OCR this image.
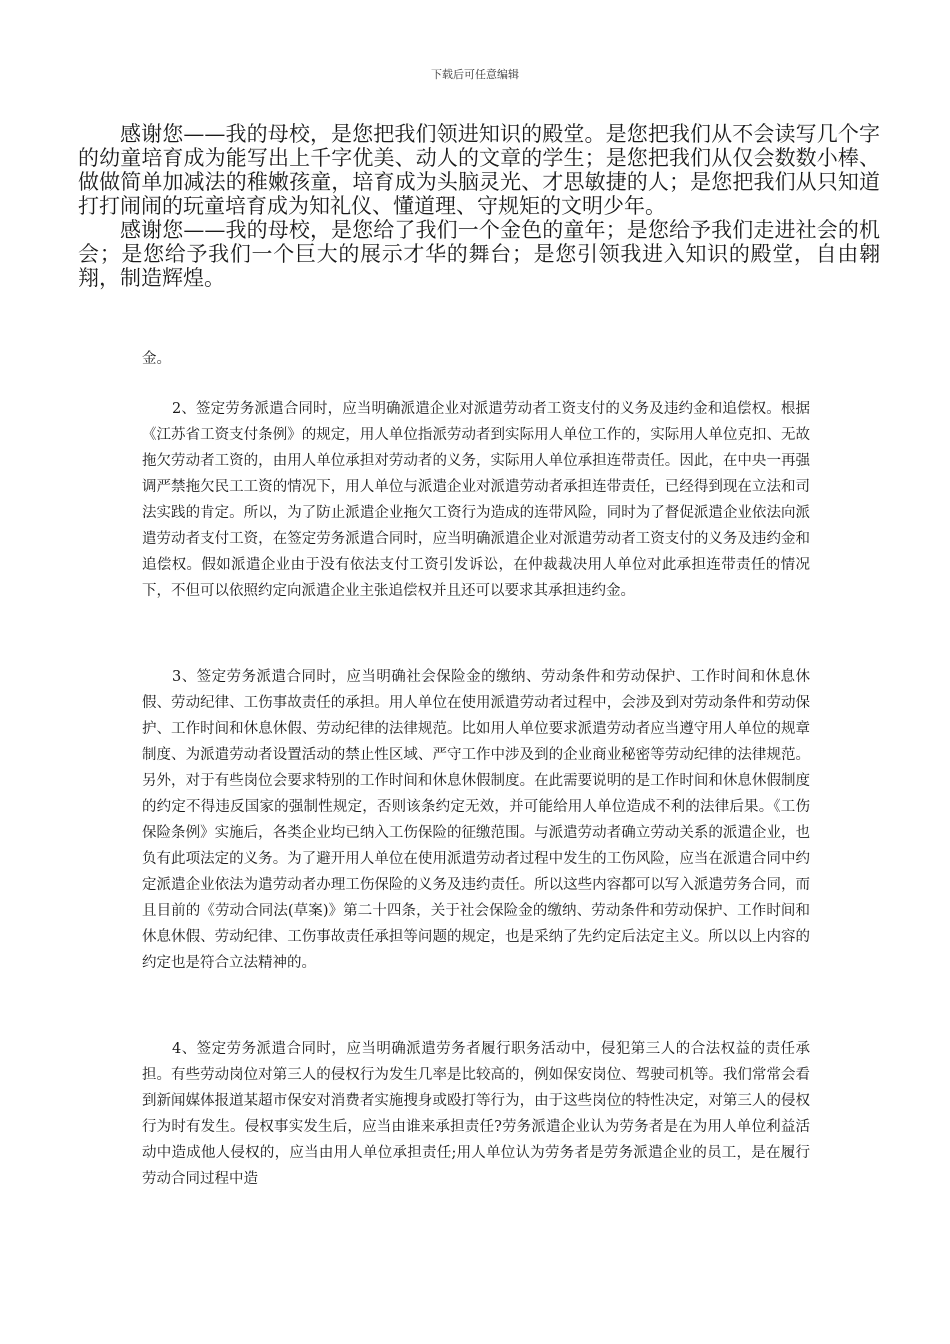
下载后可任意编辑

感谢您——我的母校，是您把我们领进知识的殿堂。是您把我们从不会读写几个字的幼童培育成为能写出上千字优美、动人的文章的学生；是您把我们从仅会数数小棒、做做简单加减法的稚嫩孩童，培育成为头脑灵光、才思敏捷的人；是您把我们从只知道打打闹闹的玩童培育成为知礼仪、懂道理、守规矩的文明少年。

感谢您——我的母校，是您给了我们一个金色的童年；是您给予我们走进社会的机会；是您给予我们一个巨大的展示才华的舞台；是您引领我进入知识的殿堂，自由翱翔，制造辉煌。

金。

2、签定劳务派遣合同时，应当明确派遣企业对派遣劳动者工资支付的义务及违约金和追偿权。根据《江苏省工资支付条例》的规定，用人单位指派劳动者到实际用人单位工作的，实际用人单位克扣、无故拖欠劳动者工资的，由用人单位承担对劳动者的义务，实际用人单位承担连带责任。因此，在中央一再强调严禁拖欠民工工资的情况下，用人单位与派遣企业对派遣劳动者承担连带责任，已经得到现在立法和司法实践的肯定。所以，为了防止派遣企业拖欠工资行为造成的连带风险，同时为了督促派遣企业依法向派遣劳动者支付工资，在签定劳务派遣合同时，应当明确派遣企业对派遣劳动者工资支付的义务及违约金和追偿权。假如派遣企业由于没有依法支付工资引发诉讼，在仲裁裁决用人单位对此承担连带责任的情况下，不但可以依照约定向派遣企业主张追偿权并且还可以要求其承担违约金。

3、签定劳务派遣合同时，应当明确社会保险金的缴纳、劳动条件和劳动保护、工作时间和休息休假、劳动纪律、工伤事故责任的承担。用人单位在使用派遣劳动者过程中，会涉及到对劳动条件和劳动保护、工作时间和休息休假、劳动纪律的法律规范。比如用人单位要求派遣劳动者应当遵守用人单位的规章制度、为派遣劳动者设置活动的禁止性区域、严守工作中涉及到的企业商业秘密等劳动纪律的法律规范。另外，对于有些岗位会要求特别的工作时间和休息休假制度。在此需要说明的是工作时间和休息休假制度的约定不得违反国家的强制性规定，否则该条约定无效，并可能给用人单位造成不利的法律后果。《工伤保险条例》实施后，各类企业均已纳入工伤保险的征缴范围。与派遣劳动者确立劳动关系的派遣企业，也负有此项法定的义务。为了避开用人单位在使用派遣劳动者过程中发生的工伤风险，应当在派遣合同中约定派遣企业依法为遣劳动者办理工伤保险的义务及违约责任。所以这些内容都可以写入派遣劳务合同，而且目前的《劳动合同法(草案)》第二十四条，关于社会保险金的缴纳、劳动条件和劳动保护、工作时间和休息休假、劳动纪律、工伤事故责任承担等问题的规定，也是采纳了先约定后法定主义。所以以上内容的约定也是符合立法精神的。

4、签定劳务派遣合同时，应当明确派遣劳务者履行职务活动中，侵犯第三人的合法权益的责任承担。有些劳动岗位对第三人的侵权行为发生几率是比较高的，例如保安岗位、驾驶司机等。我们常常会看到新闻媒体报道某超市保安对消费者实施搜身或殴打等行为，由于这些岗位的特性决定，对第三人的侵权行为时有发生。侵权事实发生后，应当由谁来承担责任?劳务派遣企业认为劳务者是在为用人单位利益活动中造成他人侵权的，应当由用人单位承担责任;用人单位认为劳务者是劳务派遣企业的员工，是在履行劳动合同过程中造
